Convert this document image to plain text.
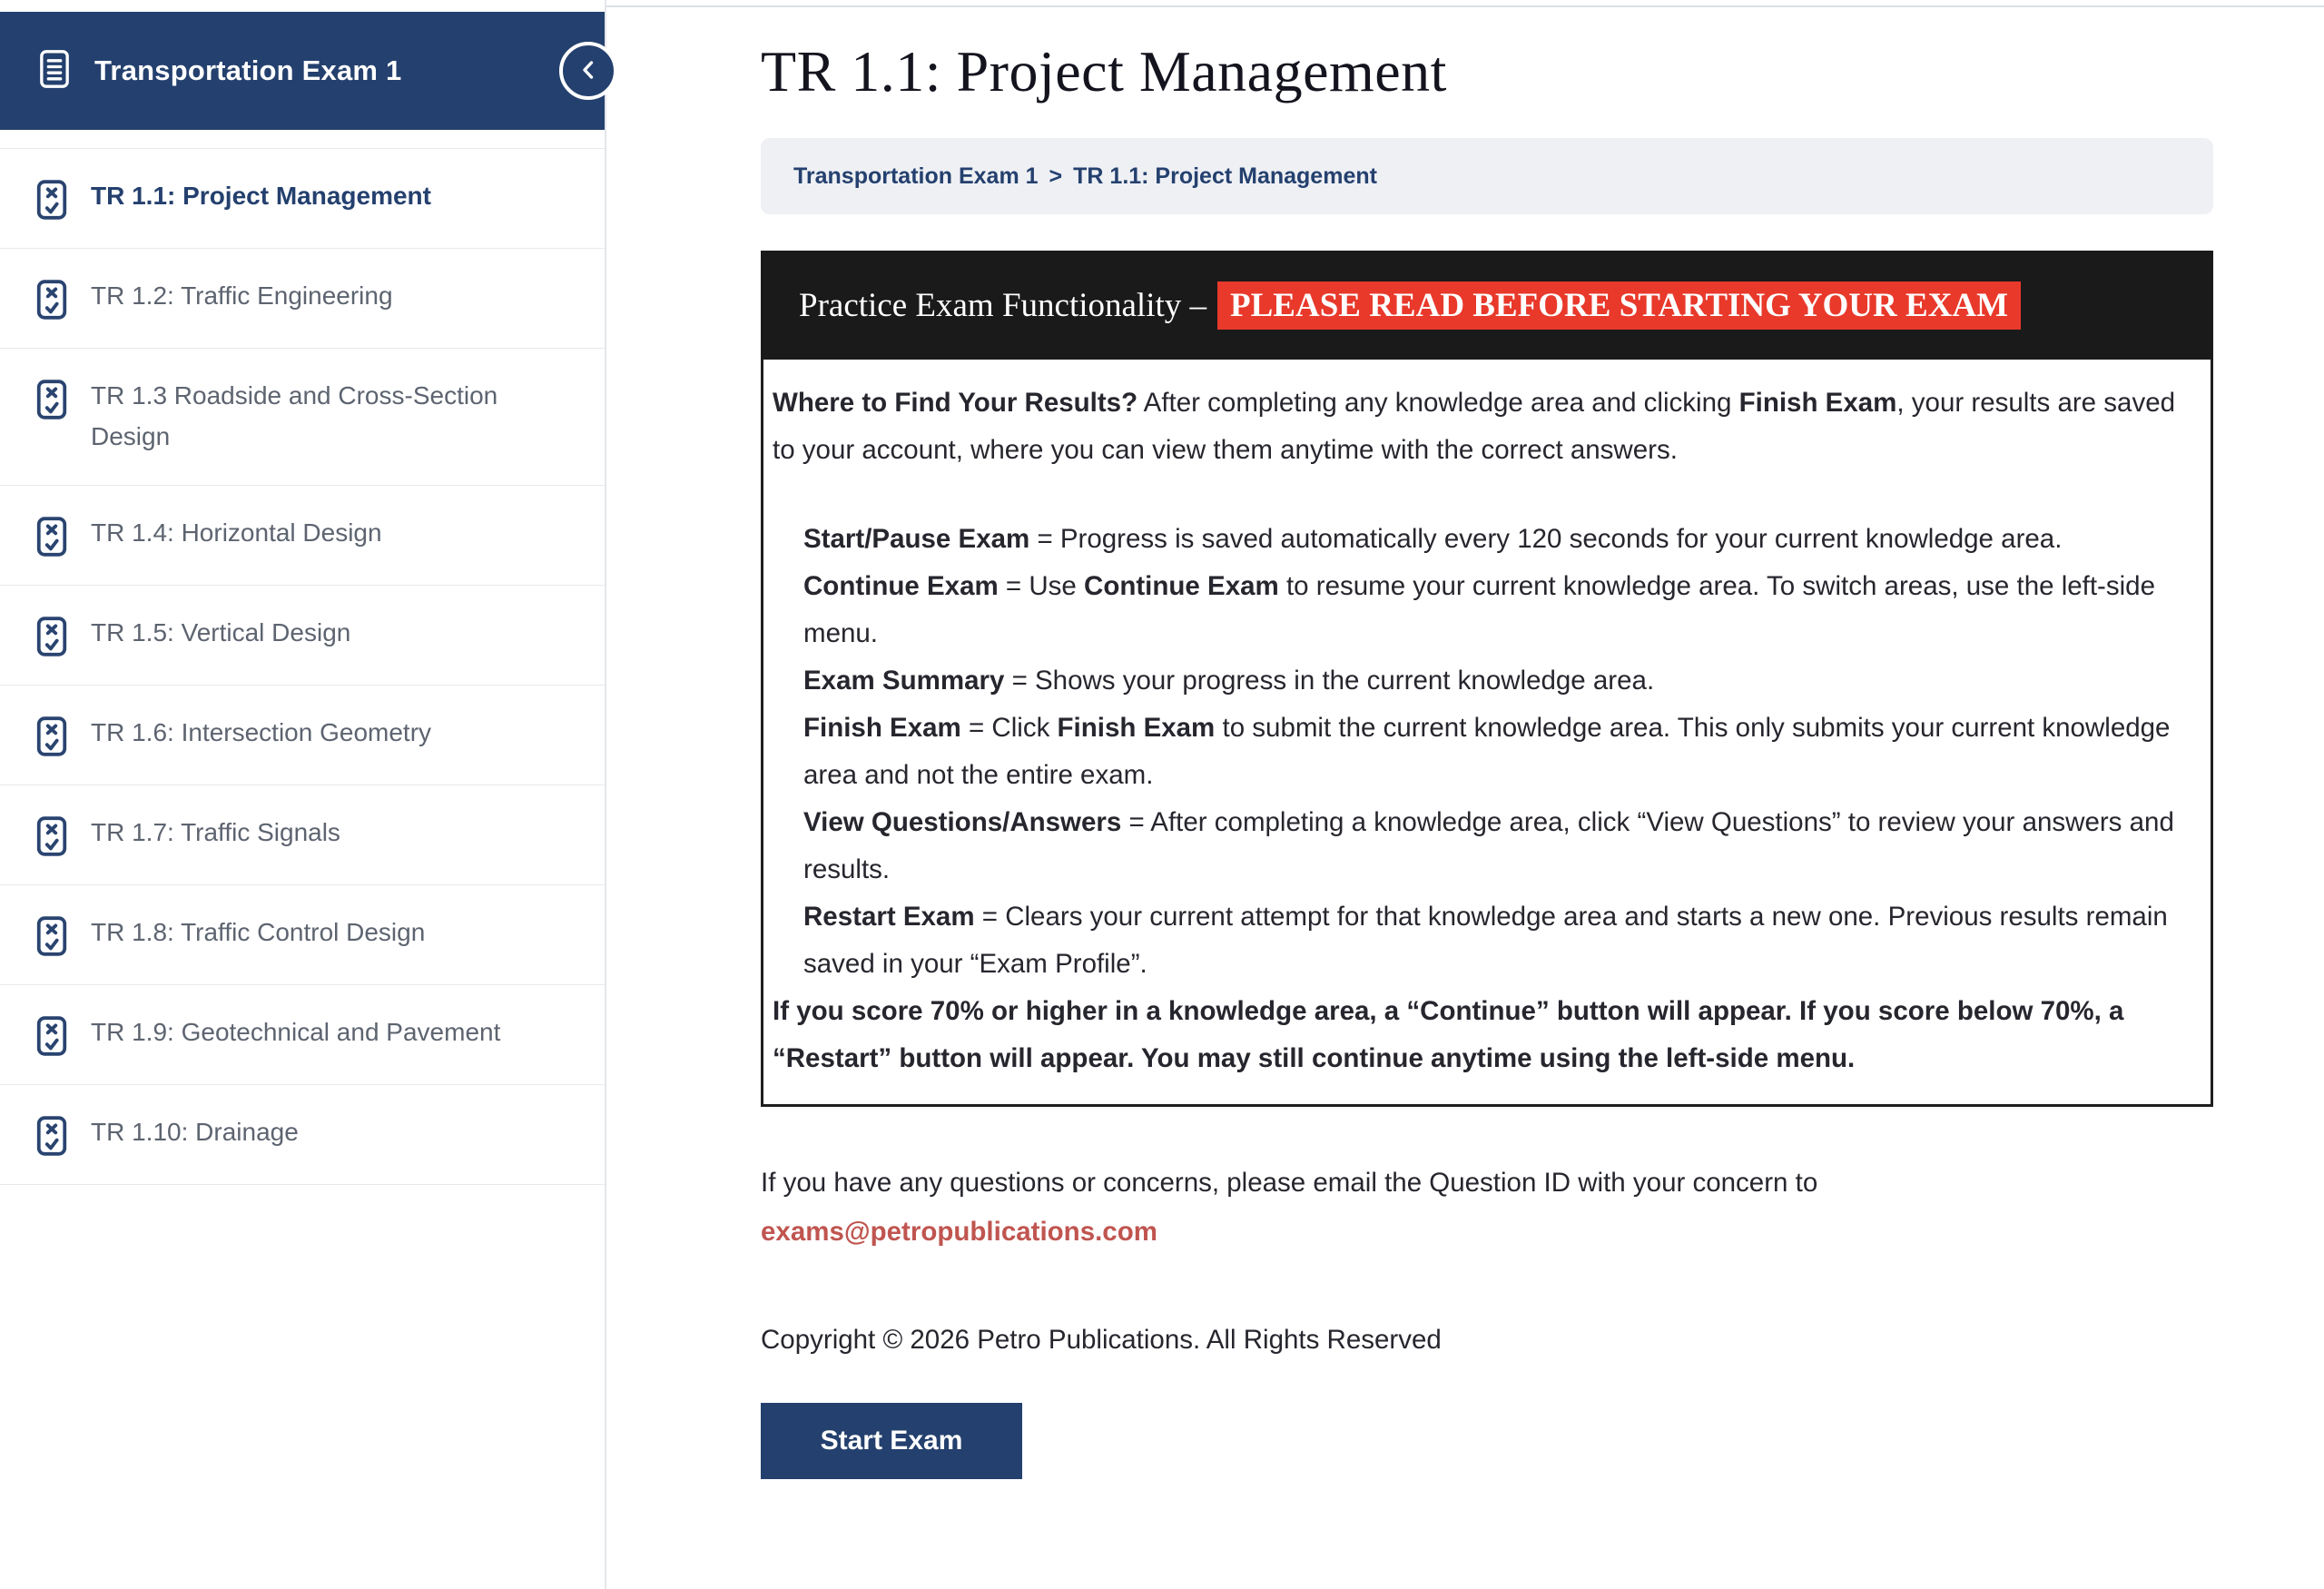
Transportation Exam 1
TR 1.1: Project Management
TR 1.2: Traffic Engineering
TR 1.3 Roadside and Cross-Section Design
TR 1.4: Horizontal Design
TR 1.5: Vertical Design
TR 1.6: Intersection Geometry
TR 1.7: Traffic Signals
TR 1.8: Traffic Control Design
TR 1.9: Geotechnical and Pavement
TR 1.10: Drainage
TR 1.1: Project Management
Transportation Exam 1 > TR 1.1: Project Management
Practice Exam Functionality – PLEASE READ BEFORE STARTING YOUR EXAM

Where to Find Your Results? After completing any knowledge area and clicking Finish Exam, your results are saved to your account, where you can view them anytime with the correct answers.

Start/Pause Exam = Progress is saved automatically every 120 seconds for your current knowledge area.

Continue Exam = Use Continue Exam to resume your current knowledge area. To switch areas, use the left-side menu.

Exam Summary = Shows your progress in the current knowledge area.

Finish Exam = Click Finish Exam to submit the current knowledge area. This only submits your current knowledge area and not the entire exam.

View Questions/Answers = After completing a knowledge area, click “View Questions” to review your answers and results.

Restart Exam = Clears your current attempt for that knowledge area and starts a new one. Previous results remain saved in your “Exam Profile”.

If you score 70% or higher in a knowledge area, a “Continue” button will appear. If you score below 70%, a “Restart” button will appear. You may still continue anytime using the left-side menu.

If you have any questions or concerns, please email the Question ID with your concern to
exams@petropublications.com

Copyright © 2026 Petro Publications. All Rights Reserved

Start Exam
